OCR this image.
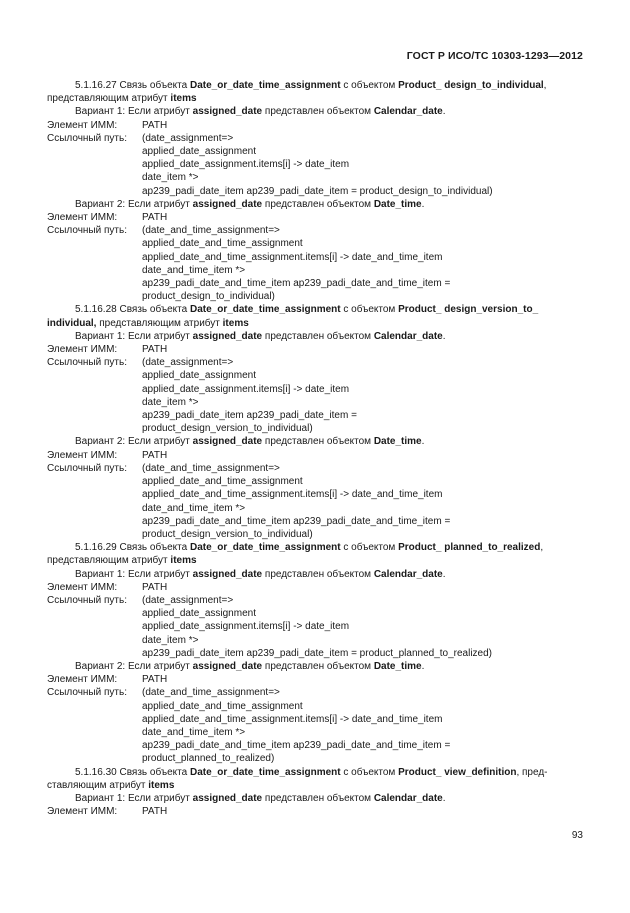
ГОСТ Р ИСО/ТС 10303-1293—2012
5.1.16.27 Связь объекта Date_or_date_time_assignment с объектом Product_ design_to_individual,
представляющим атрибут items
Вариант 1: Если атрибут assigned_date представлен объектом Calendar_date.
Элемент ИММ: PATH
Ссылочный путь: (date_assignment=>
applied_date_assignment
applied_date_assignment.items[i] -> date_item
date_item *>
ap239_padi_date_item ap239_padi_date_item = product_design_to_individual)
Вариант 2: Если атрибут assigned_date представлен объектом Date_time.
Элемент ИММ: PATH
Ссылочный путь: (date_and_time_assignment=>
applied_date_and_time_assignment
applied_date_and_time_assignment.items[i] -> date_and_time_item
date_and_time_item *>
ap239_padi_date_and_time_item ap239_padi_date_and_time_item =
product_design_to_individual)
5.1.16.28 Связь объекта Date_or_date_time_assignment с объектом Product_ design_version_to_
individual, представляющим атрибут items
Вариант 1: Если атрибут assigned_date представлен объектом Calendar_date.
Элемент ИММ: PATH
Ссылочный путь: (date_assignment=>
applied_date_assignment
applied_date_assignment.items[i] -> date_item
date_item *>
ap239_padi_date_item ap239_padi_date_item =
product_design_version_to_individual)
Вариант 2: Если атрибут assigned_date представлен объектом Date_time.
Элемент ИММ: PATH
Ссылочный путь: (date_and_time_assignment=>
applied_date_and_time_assignment
applied_date_and_time_assignment.items[i] -> date_and_time_item
date_and_time_item *>
ap239_padi_date_and_time_item ap239_padi_date_and_time_item =
product_design_version_to_individual)
5.1.16.29 Связь объекта Date_or_date_time_assignment с объектом Product_ planned_to_realized,
представляющим атрибут items
Вариант 1: Если атрибут assigned_date представлен объектом Calendar_date.
Элемент ИММ: PATH
Ссылочный путь: (date_assignment=>
applied_date_assignment
applied_date_assignment.items[i] -> date_item
date_item *>
ap239_padi_date_item ap239_padi_date_item = product_planned_to_realized)
Вариант 2: Если атрибут assigned_date представлен объектом Date_time.
Элемент ИММ: PATH
Ссылочный путь: (date_and_time_assignment=>
applied_date_and_time_assignment
applied_date_and_time_assignment.items[i] -> date_and_time_item
date_and_time_item *>
ap239_padi_date_and_time_item ap239_padi_date_and_time_item =
product_planned_to_realized)
5.1.16.30 Связь объекта Date_or_date_time_assignment с объектом Product_ view_definition, пред-
ставляющим атрибут items
Вариант 1: Если атрибут assigned_date представлен объектом Calendar_date.
Элемент ИММ: PATH
93
